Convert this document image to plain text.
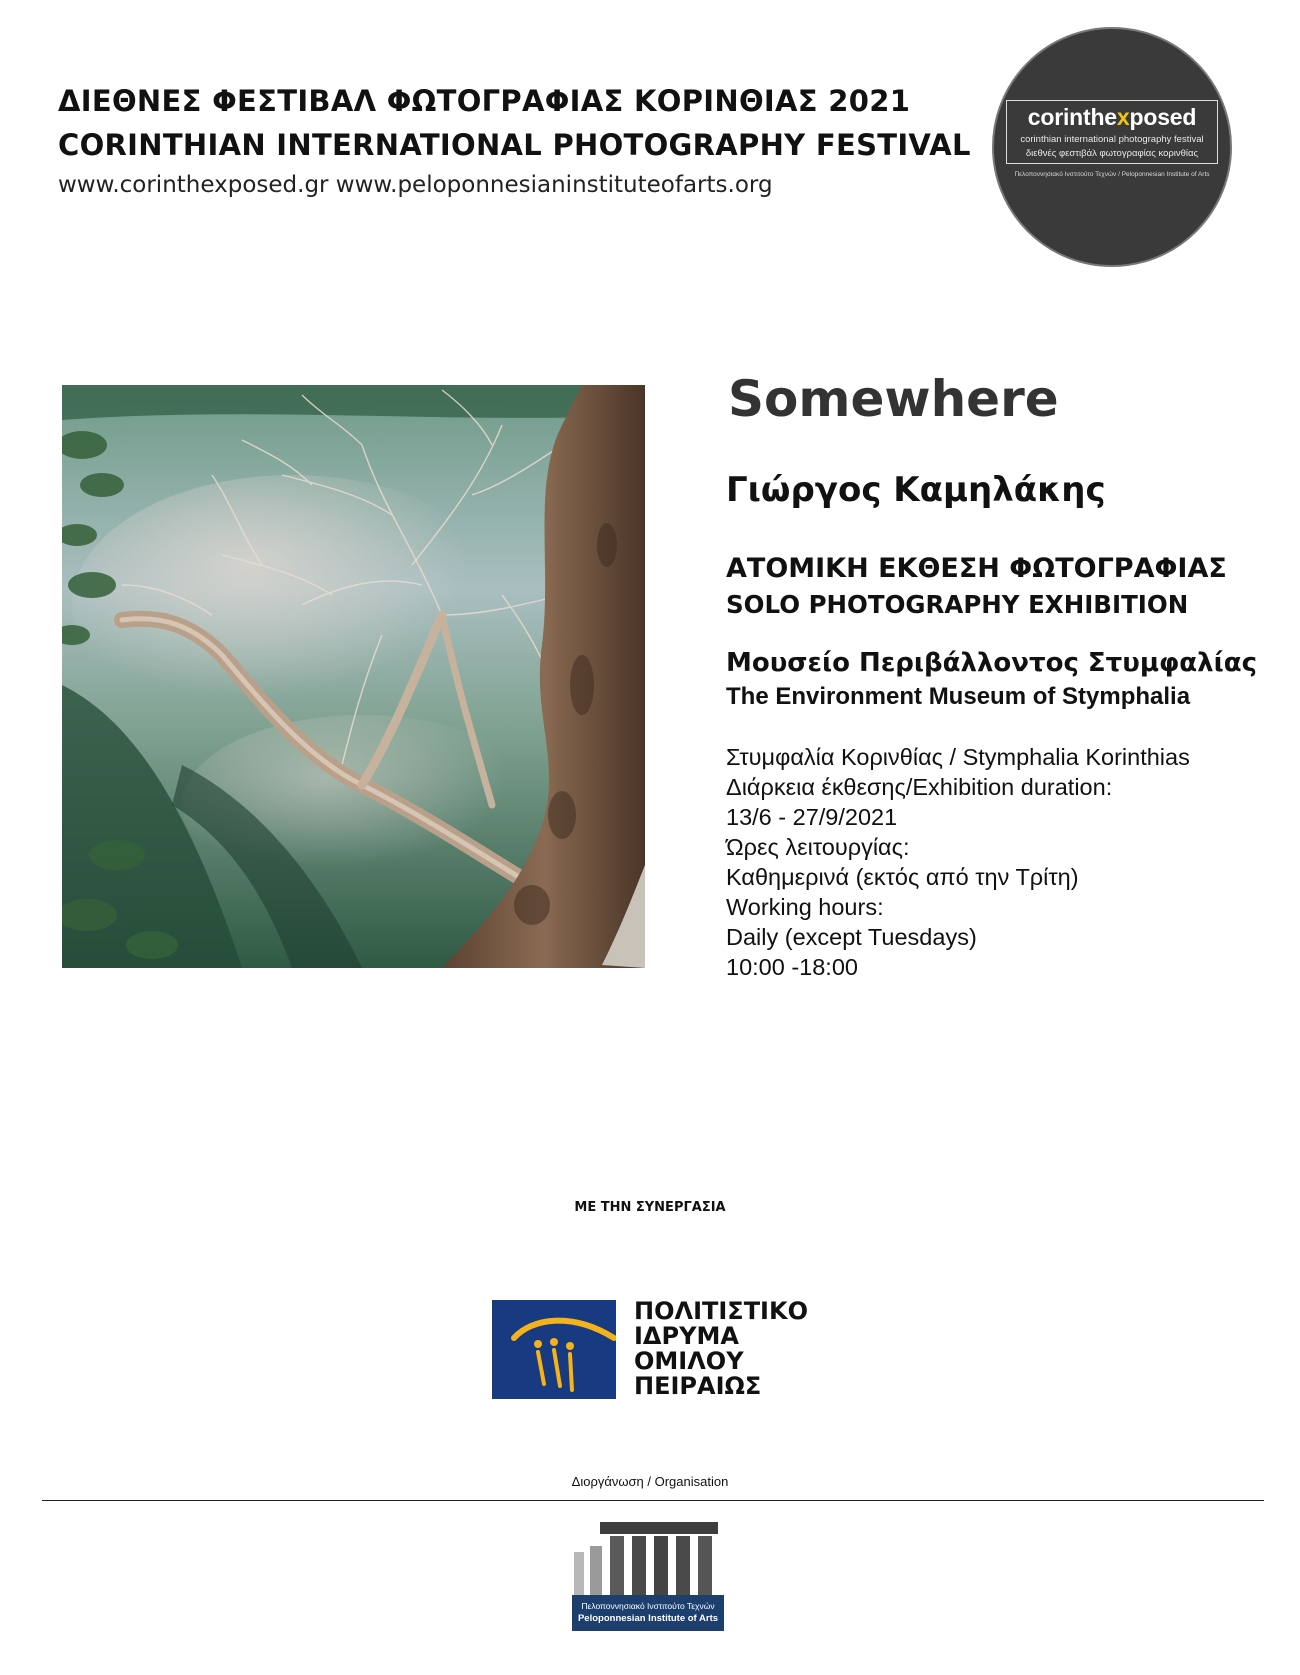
ΔΙΕΘΝΕΣ ΦΕΣΤΙΒΑΛ ΦΩΤΟΓΡΑΦΙΑΣ ΚΟΡΙΝΘΙΑΣ 2021
CORINTHIAN INTERNATIONAL PHOTOGRAPHY FESTIVAL
www.corinthexposed.gr www.peloponnesianinstituteofarts.org
corinthexposed
corinthian international photography festival
διεθνές φεστιβάλ φωτογραφίας κορινθίας
Πελοποννησιακό Ινστιτούτο Τεχνών / Peloponnesian Institute of Arts
Somewhere
Γιώργος Καμηλάκης
ΑΤΟΜΙΚΗ ΕΚΘΕΣΗ ΦΩΤΟΓΡΑΦΙΑΣ
SOLO PHOTOGRAPHY EXHIBITION
Μουσείο Περιβάλλοντος Στυμφαλίας
The Environment Museum of Stymphalia
Στυμφαλία Κορινθίας / Stymphalia Korinthias
Διάρκεια έκθεσης/Exhibition duration:
13/6 - 27/9/2021
Ώρες λειτουργίας:
Καθημερινά (εκτός από την Τρίτη)
Working hours:
Daily (except Tuesdays)
10:00 -18:00
ΜΕ ΤΗΝ ΣΥΝΕΡΓΑΣΙΑ
ΠΟΛΙΤΙΣΤΙΚΟ
ΙΔΡΥΜΑ
ΟΜΙΛΟΥ
ΠΕΙΡΑΙΩΣ
Διοργάνωση / Organisation
Πελοποννησιακό Ινστιτούτο Τεχνών
Peloponnesian Institute of Arts
